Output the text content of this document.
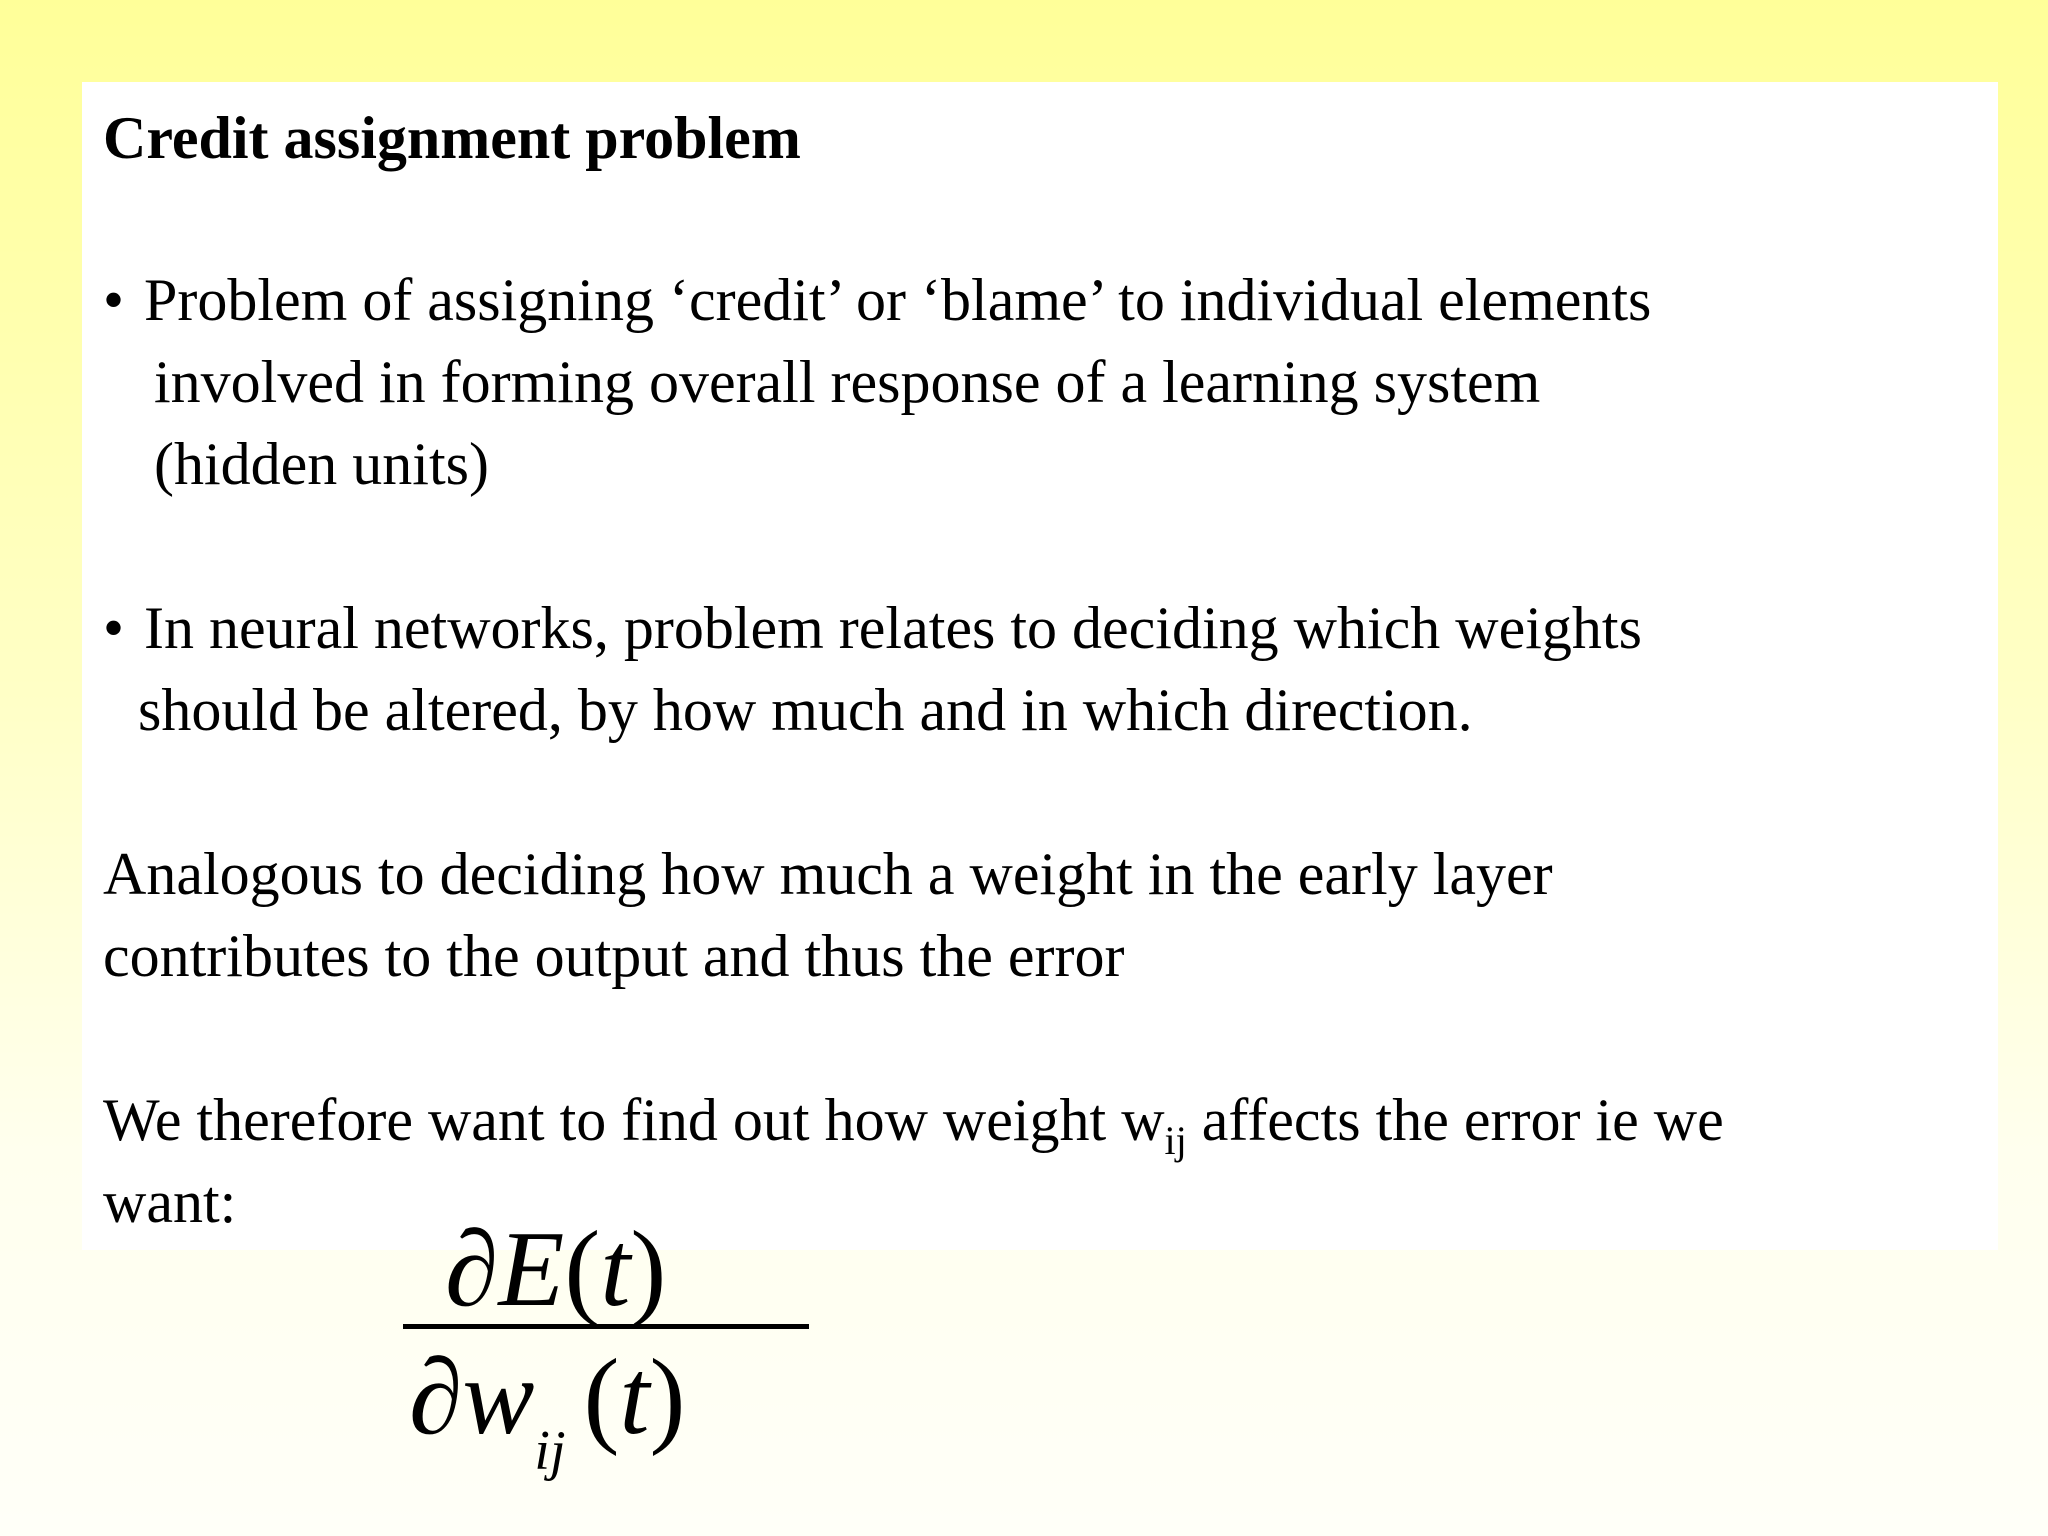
Credit assignment problem
• Problem of assigning ‘credit’ or ‘blame’ to individual elements
involved in forming overall response of a learning system
(hidden units)
• In neural networks, problem relates to deciding which weights
should be altered, by how much and in which direction.
Analogous to deciding how much a weight in the early layer
contributes to the output and thus the error
We therefore want to find out how weight $w_{ij}$ affects the error ie we
want:
∂E(t)
$\partial w_{ij}$ (t)
